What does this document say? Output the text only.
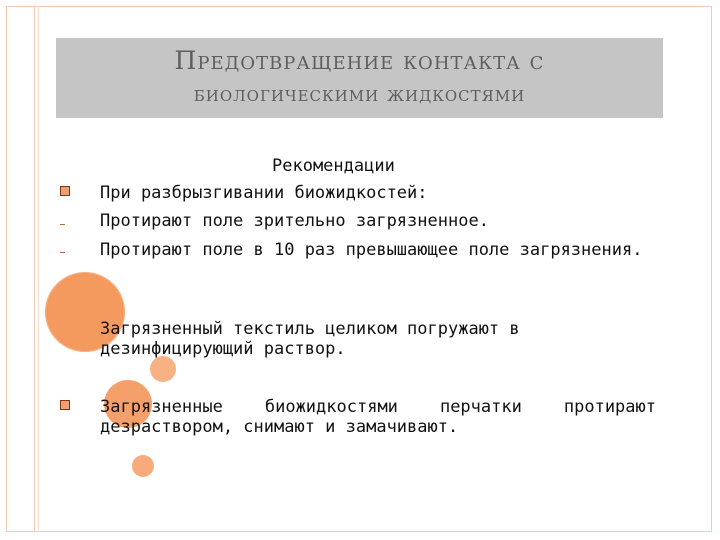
Предотвращение контакта с
биологическими жидкостями
Рекомендации
При разбрызгивании биожидкостей:
Протирают поле зрительно загрязненное.
Протирают поле в 10 раз превышающее поле загрязнения.
Загрязненный текстиль целиком погружают в дезинфицирующий раствор.
Загрязненные биожидкостями перчатки протирают дезраствором, снимают и замачивают.
